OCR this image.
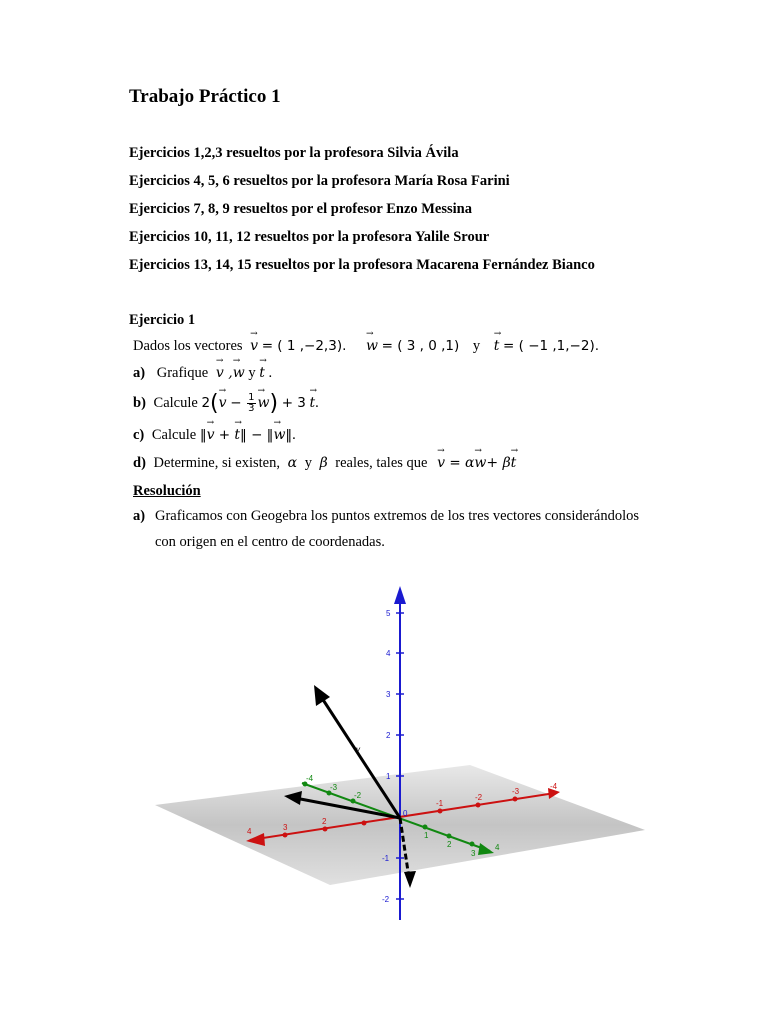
Trabajo Práctico 1
Ejercicios 1,2,3 resueltos por la profesora Silvia Ávila
Ejercicios 4, 5, 6 resueltos por la profesora María Rosa Farini
Ejercicios 7, 8, 9 resueltos por el profesor Enzo Messina
Ejercicios 10, 11, 12 resueltos por la profesora Yalile Srour
Ejercicios 13, 14, 15 resueltos por la profesora Macarena Fernández Bianco
Ejercicio 1
Dados los vectores → v = ( 1 ,−2,3). → w = ( 3 , 0 ,1) y → t = ( −1 ,1,−2).
a) Grafique → v ,→ w y → t .
b) Calcule $2(\to v - \frac{1}{3}$
→ w) + 3 → t.
c) Calcule ‖→ v + → t‖ − ‖→ w‖.
d) Determine, si existen, α y β reales, tales que → v = α→ w+ β→ t
Resolución
a) Graficamos con Geogebra los puntos extremos de los tres vectores considerándolos
con origen en el centro de coordenadas.
5
4
3
2
1
-1
-2
4	3
2
-1
-2
-3
-4
-4
-3
-2
1
2
3
4
0
v
